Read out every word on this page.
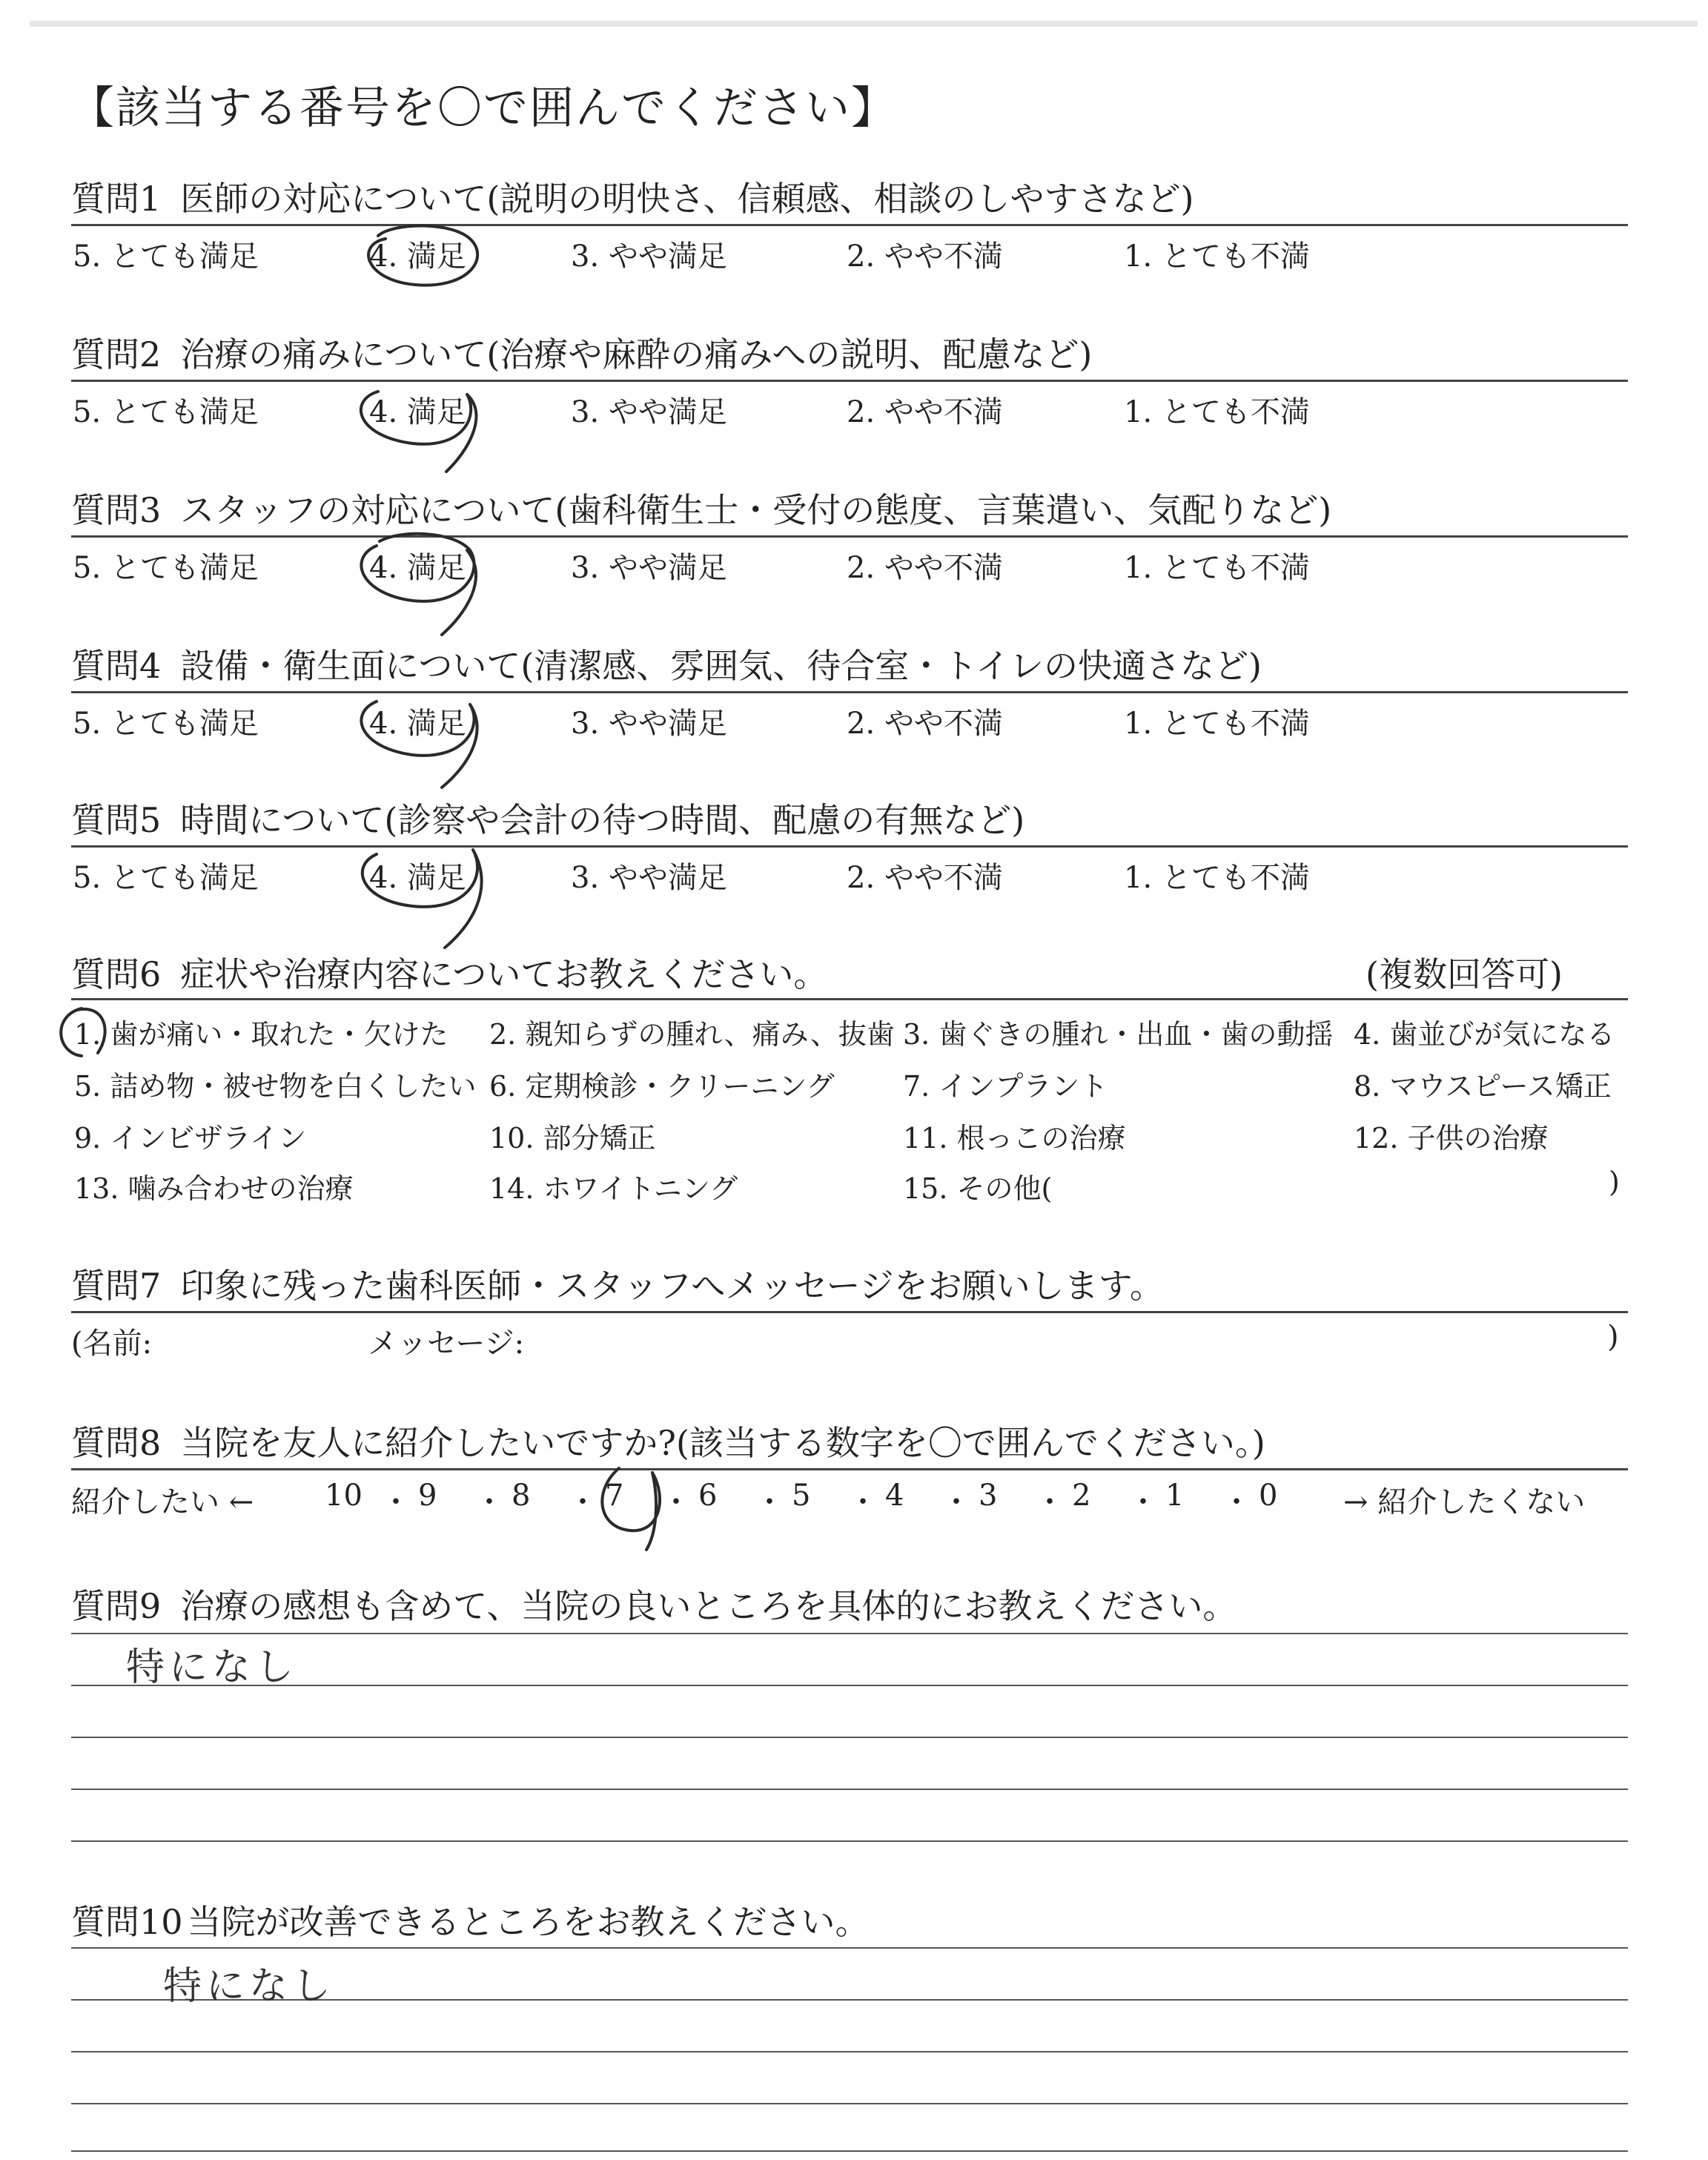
【該当する番号を〇で囲んでください】
質問1 医師の対応について(説明の明快さ、信頼感、相談のしやすさなど)
5. とても満足	4. 満足	3. やや満足	2. やや不満	1. とても不満
質問2 治療の痛みについて(治療や麻酔の痛みへの説明、配慮など)
5. とても満足	4. 満足	3. やや満足	2. やや不満	1. とても不満
質問3 スタッフの対応について(歯科衛生士・受付の態度、言葉遣い、気配りなど)
5. とても満足	4. 満足	3. やや満足	2. やや不満	1. とても不満
質問4 設備・衛生面について(清潔感、雰囲気、待合室・トイレの快適さなど)
5. とても満足	4. 満足	3. やや満足	2. やや不満	1. とても不満
質問5 時間について(診察や会計の待つ時間、配慮の有無など)
5. とても満足	4. 満足	3. やや満足	2. やや不満	1. とても不満
質問6 症状や治療内容についてお教えください。	(複数回答可)
1. 歯が痛い・取れた・欠けた 2. 親知らずの腫れ、痛み、抜歯 3. 歯ぐきの腫れ・出血・歯の動揺 4. 歯並びが気になる
5. 詰め物・被せ物を白くしたい 6. 定期検診・クリーニング 7. インプラント	8. マウスピース矯正
9. インビザライン	10. 部分矯正	11. 根っこの治療	12. 子供の治療
13. 噛み合わせの治療	14. ホワイトニング	15. その他(	)
質問7 印象に残った歯科医師・スタッフへメッセージをお願いします。
(名前:	メッセージ:	)
質問8 当院を友人に紹介したいですか?(該当する数字を〇で囲んでください。)
紹介したい ← 10 ・ 9 ・ 8 ・ 7 ・ 6 ・ 5 ・ 4 ・ 3 ・ 2 ・ 1 ・ 0 → 紹介したくない
質問9 治療の感想も含めて、当院の良いところを具体的にお教えください。
特になし
質問10 当院が改善できるところをお教えください。
特になし
